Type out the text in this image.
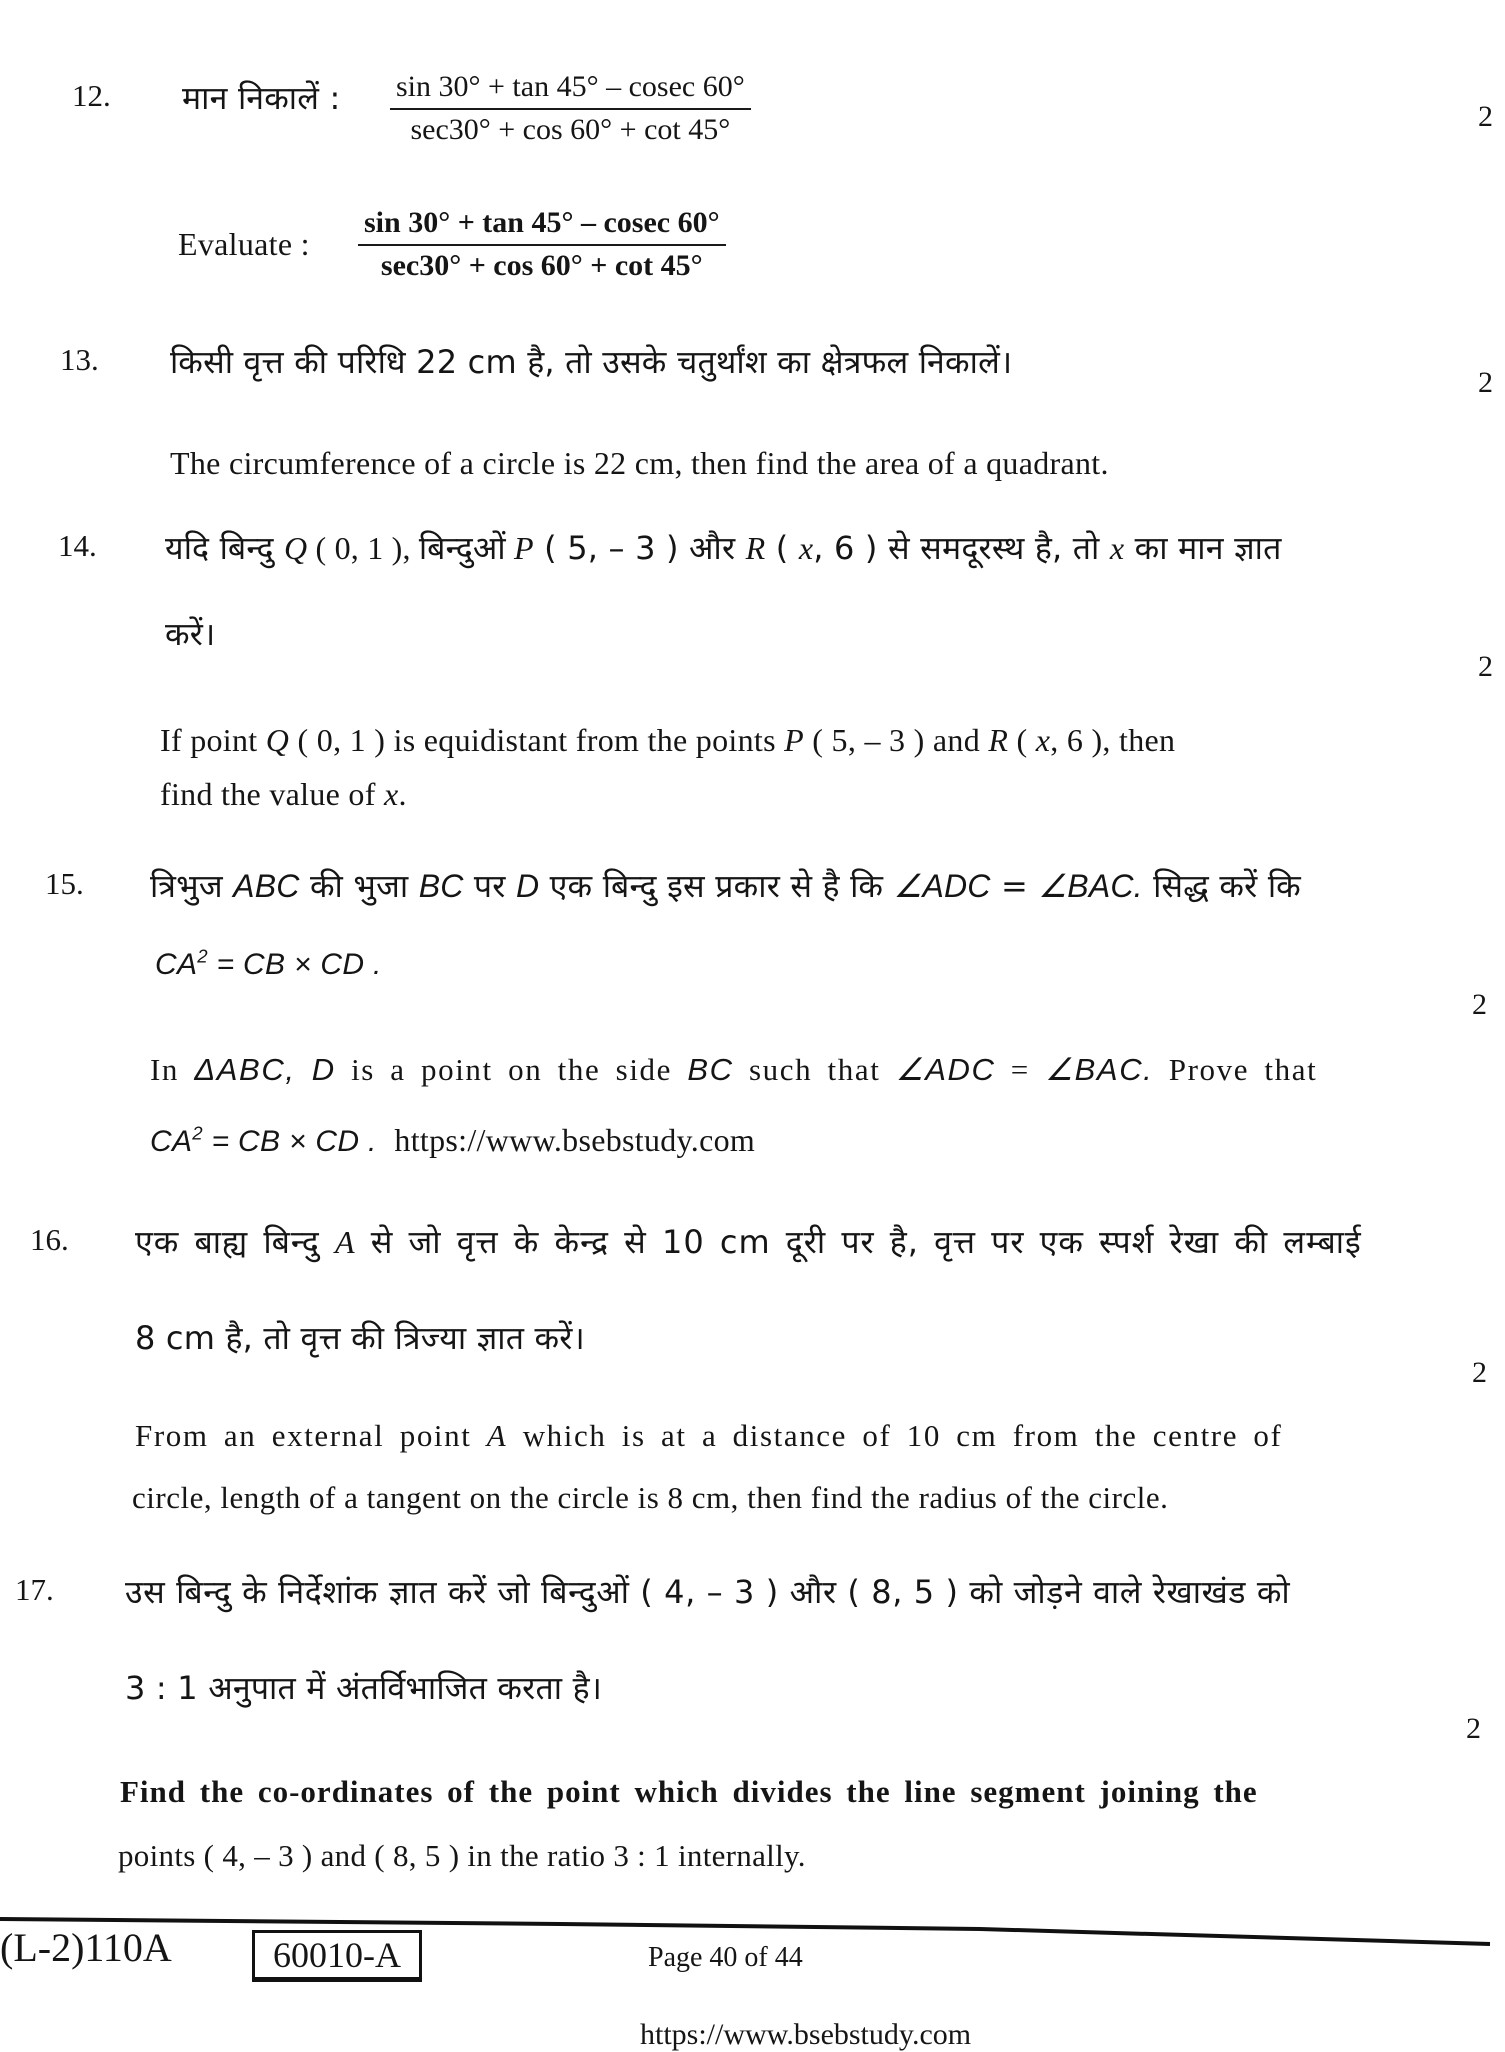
12. मान निकालें : sin 30° + tan 45° – cosec 60°
sec30° + cos 60° + cot 45°	2
Evaluate :
sin 30° + tan 45° – cosec 60°
sec30° + cos 60° + cot 45°
13. किसी वृत्त की परिधि 22 cm है, तो उसके चतुर्थांश का क्षेत्रफल निकालें।
2
The circumference of a circle is 22 cm, then find the area of a quadrant.
14. यदि बिन्दु Q ( 0, 1 ), बिन्दुओं P ( 5, – 3 ) और R ( x, 6 ) से समदूरस्थ है, तो x का मान ज्ञात
करें।
2
If point Q ( 0, 1 ) is equidistant from the points P ( 5, – 3 ) and R ( x, 6 ), then
find the value of x.
15. त्रिभुज ABC की भुजा BC पर D एक बिन्दु इस प्रकार से है कि ∠ADC = ∠BAC. सिद्ध करें कि
$CA^2$ = CB × CD .
2
In ΔABC, D is a point on the side BC such that ∠ADC = ∠BAC. Prove that
$CA^2$ = CB × CD . https://www.bsebstudy.com
16. एक बाह्य बिन्दु A से जो वृत्त के केन्द्र से 10 cm दूरी पर है, वृत्त पर एक स्पर्श रेखा की लम्बाई
8 cm है, तो वृत्त की त्रिज्या ज्ञात करें।
2
From an external point A which is at a distance of 10 cm from the centre of
circle, length of a tangent on the circle is 8 cm, then find the radius of the circle.
17. उस बिन्दु के निर्देशांक ज्ञात करें जो बिन्दुओं ( 4, – 3 ) और ( 8, 5 ) को जोड़ने वाले रेखाखंड को
3 : 1 अनुपात में अंतर्विभाजित करता है।
2
Find the co-ordinates of the point which divides the line segment joining the
points ( 4, – 3 ) and ( 8, 5 ) in the ratio 3 : 1 internally.
(L-2)110A	60010-A	Page 40 of 44
https://www.bsebstudy.com
